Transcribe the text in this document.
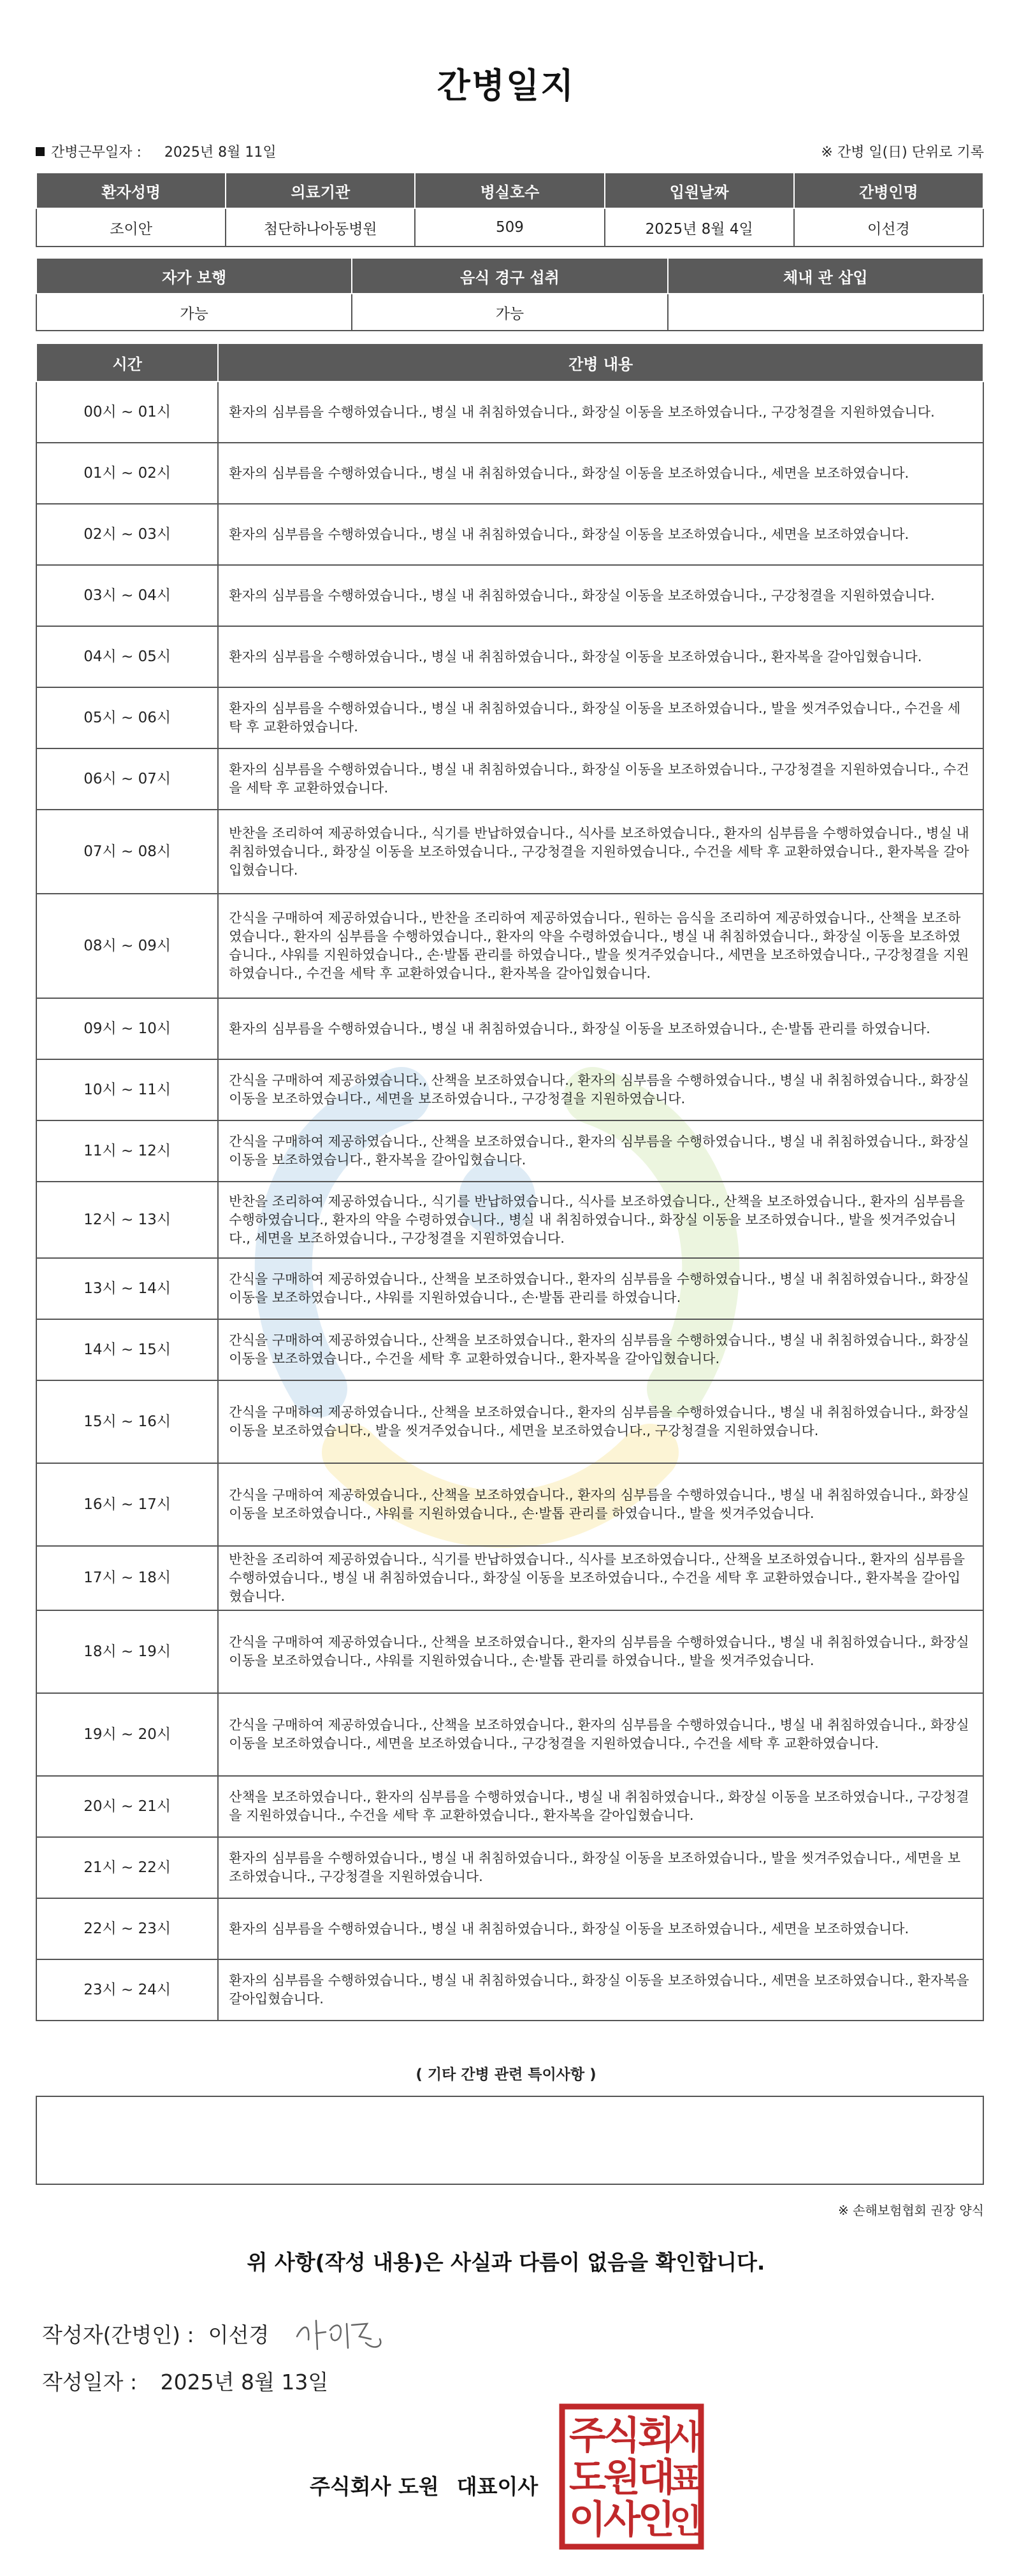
간병일지
간병근무일자 : 2025년 8월 11일	※ 간병 일(日) 단위로 기록
환자성명	의료기관	병실호수	입원날짜	간병인명
조이안	첨단하나아동병원	509	2025년 8월 4일	이선경
자가 보행	음식 경구 섭취	체내 관 삽입
가능	가능	
시간	간병 내용
00시 ~ 01시	환자의 심부름을 수행하였습니다., 병실 내 취침하였습니다., 화장실 이동을 보조하였습니다., 구강청결을 지원하였습니다.
01시 ~ 02시	환자의 심부름을 수행하였습니다., 병실 내 취침하였습니다., 화장실 이동을 보조하였습니다., 세면을 보조하였습니다.
02시 ~ 03시	환자의 심부름을 수행하였습니다., 병실 내 취침하였습니다., 화장실 이동을 보조하였습니다., 세면을 보조하였습니다.
03시 ~ 04시	환자의 심부름을 수행하였습니다., 병실 내 취침하였습니다., 화장실 이동을 보조하였습니다., 구강청결을 지원하였습니다.
04시 ~ 05시	환자의 심부름을 수행하였습니다., 병실 내 취침하였습니다., 화장실 이동을 보조하였습니다., 환자복을 갈아입혔습니다.
05시 ~ 06시	환자의 심부름을 수행하였습니다., 병실 내 취침하였습니다., 화장실 이동을 보조하였습니다., 발을 씻겨주었습니다., 수건을 세탁 후 교환하였습니다.
06시 ~ 07시	환자의 심부름을 수행하였습니다., 병실 내 취침하였습니다., 화장실 이동을 보조하였습니다., 구강청결을 지원하였습니다., 수건을 세탁 후 교환하였습니다.
07시 ~ 08시	반찬을 조리하여 제공하였습니다., 식기를 반납하였습니다., 식사를 보조하였습니다., 환자의 심부름을 수행하였습니다., 병실 내 취침하였습니다., 화장실 이동을 보조하였습니다., 구강청결을 지원하였습니다., 수건을 세탁 후 교환하였습니다., 환자복을 갈아입혔습니다.
08시 ~ 09시	간식을 구매하여 제공하였습니다., 반찬을 조리하여 제공하였습니다., 원하는 음식을 조리하여 제공하였습니다., 산책을 보조하였습니다., 환자의 심부름을 수행하였습니다., 환자의 약을 수령하였습니다., 병실 내 취침하였습니다., 화장실 이동을 보조하였습니다., 샤워를 지원하였습니다., 손·발톱 관리를 하였습니다., 발을 씻겨주었습니다., 세면을 보조하였습니다., 구강청결을 지원하였습니다., 수건을 세탁 후 교환하였습니다., 환자복을 갈아입혔습니다.
09시 ~ 10시	환자의 심부름을 수행하였습니다., 병실 내 취침하였습니다., 화장실 이동을 보조하였습니다., 손·발톱 관리를 하였습니다.
10시 ~ 11시	간식을 구매하여 제공하였습니다., 산책을 보조하였습니다., 환자의 심부름을 수행하였습니다., 병실 내 취침하였습니다., 화장실 이동을 보조하였습니다., 세면을 보조하였습니다., 구강청결을 지원하였습니다.
11시 ~ 12시	간식을 구매하여 제공하였습니다., 산책을 보조하였습니다., 환자의 심부름을 수행하였습니다., 병실 내 취침하였습니다., 화장실 이동을 보조하였습니다., 환자복을 갈아입혔습니다.
12시 ~ 13시	반찬을 조리하여 제공하였습니다., 식기를 반납하였습니다., 식사를 보조하였습니다., 산책을 보조하였습니다., 환자의 심부름을 수행하였습니다., 환자의 약을 수령하였습니다., 병실 내 취침하였습니다., 화장실 이동을 보조하였습니다., 발을 씻겨주었습니다., 세면을 보조하였습니다., 구강청결을 지원하였습니다.
13시 ~ 14시	간식을 구매하여 제공하였습니다., 산책을 보조하였습니다., 환자의 심부름을 수행하였습니다., 병실 내 취침하였습니다., 화장실 이동을 보조하였습니다., 샤워를 지원하였습니다., 손·발톱 관리를 하였습니다.
14시 ~ 15시	간식을 구매하여 제공하였습니다., 산책을 보조하였습니다., 환자의 심부름을 수행하였습니다., 병실 내 취침하였습니다., 화장실 이동을 보조하였습니다., 수건을 세탁 후 교환하였습니다., 환자복을 갈아입혔습니다.
15시 ~ 16시	간식을 구매하여 제공하였습니다., 산책을 보조하였습니다., 환자의 심부름을 수행하였습니다., 병실 내 취침하였습니다., 화장실 이동을 보조하였습니다., 발을 씻겨주었습니다., 세면을 보조하였습니다., 구강청결을 지원하였습니다.
16시 ~ 17시	간식을 구매하여 제공하였습니다., 산책을 보조하였습니다., 환자의 심부름을 수행하였습니다., 병실 내 취침하였습니다., 화장실 이동을 보조하였습니다., 샤워를 지원하였습니다., 손·발톱 관리를 하였습니다., 발을 씻겨주었습니다.
17시 ~ 18시	반찬을 조리하여 제공하였습니다., 식기를 반납하였습니다., 식사를 보조하였습니다., 산책을 보조하였습니다., 환자의 심부름을 수행하였습니다., 병실 내 취침하였습니다., 화장실 이동을 보조하였습니다., 수건을 세탁 후 교환하였습니다., 환자복을 갈아입혔습니다.
18시 ~ 19시	간식을 구매하여 제공하였습니다., 산책을 보조하였습니다., 환자의 심부름을 수행하였습니다., 병실 내 취침하였습니다., 화장실 이동을 보조하였습니다., 샤워를 지원하였습니다., 손·발톱 관리를 하였습니다., 발을 씻겨주었습니다.
19시 ~ 20시	간식을 구매하여 제공하였습니다., 산책을 보조하였습니다., 환자의 심부름을 수행하였습니다., 병실 내 취침하였습니다., 화장실 이동을 보조하였습니다., 세면을 보조하였습니다., 구강청결을 지원하였습니다., 수건을 세탁 후 교환하였습니다.
20시 ~ 21시	산책을 보조하였습니다., 환자의 심부름을 수행하였습니다., 병실 내 취침하였습니다., 화장실 이동을 보조하였습니다., 구강청결을 지원하였습니다., 수건을 세탁 후 교환하였습니다., 환자복을 갈아입혔습니다.
21시 ~ 22시	환자의 심부름을 수행하였습니다., 병실 내 취침하였습니다., 화장실 이동을 보조하였습니다., 발을 씻겨주었습니다., 세면을 보조하였습니다., 구강청결을 지원하였습니다.
22시 ~ 23시	환자의 심부름을 수행하였습니다., 병실 내 취침하였습니다., 화장실 이동을 보조하였습니다., 세면을 보조하였습니다.
23시 ~ 24시	환자의 심부름을 수행하였습니다., 병실 내 취침하였습니다., 화장실 이동을 보조하였습니다., 세면을 보조하였습니다., 환자복을 갈아입혔습니다.
( 기타 간병 관련 특이사항 )
※ 손해보험협회 권장 양식
위 사항(작성 내용)은 사실과 다름이 없음을 확인합니다.
작성자(간병인) : 이선경
작성일자 : 2025년 8월 13일
주식회사 도원 대표이사
주
식
회
사
도
원
대
표
이
사
인
인
